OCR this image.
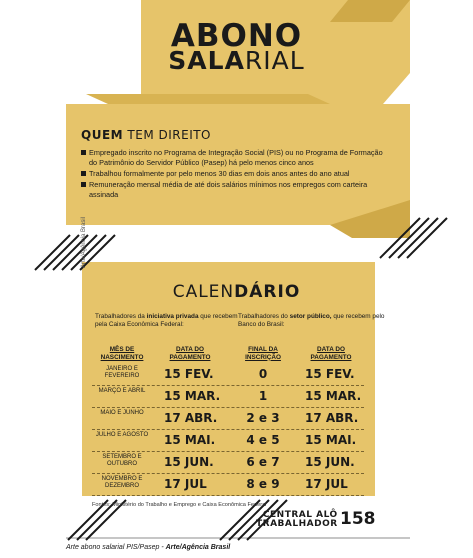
ABONO
SALARIAL
QUEM TEM DIREITO
Empregado inscrito no Programa de Integração Social (PIS) ou no Programa de Formação do Patrimônio do Servidor Público (Pasep) há pelo menos cinco anos
Trabalhou formalmente por pelo menos 30 dias em dois anos antes do ano atual
Remuneração mensal média de até dois salários mínimos nos empregos com carteira assinada
Arte/Agência Brasil
CALENDÁRIO
Trabalhadores da iniciativa privada que recebem pela Caixa Econômica Federal:
Trabalhadores do setor público, que recebem pelo Banco do Brasil:
MÊS DE NASCIMENTO
DATA DO PAGAMENTO
FINAL DA INSCRIÇÃO
DATA DO PAGAMENTO
JANEIRO E FEVEREIRO	15 FEV.	0	15 FEV.
MARÇO E ABRIL	15 MAR.	1	15 MAR.
MAIO E JUNHO	17 ABR.	2 e 3	17 ABR.
JULHO E AGOSTO	15 MAI.	4 e 5	15 MAI.
SETEMBRO E OUTUBRO	15 JUN.	6 e 7	15 JUN.
NOVEMBRO E DEZEMBRO	17 JUL	8 e 9	17 JUL
Fontes: Ministério do Trabalho e Emprego e Caixa Econômica Federal
CENTRAL ALÔ
TRABALHADOR 158
Arte abono salarial PIS/Pasep - Arte/Agência Brasil
